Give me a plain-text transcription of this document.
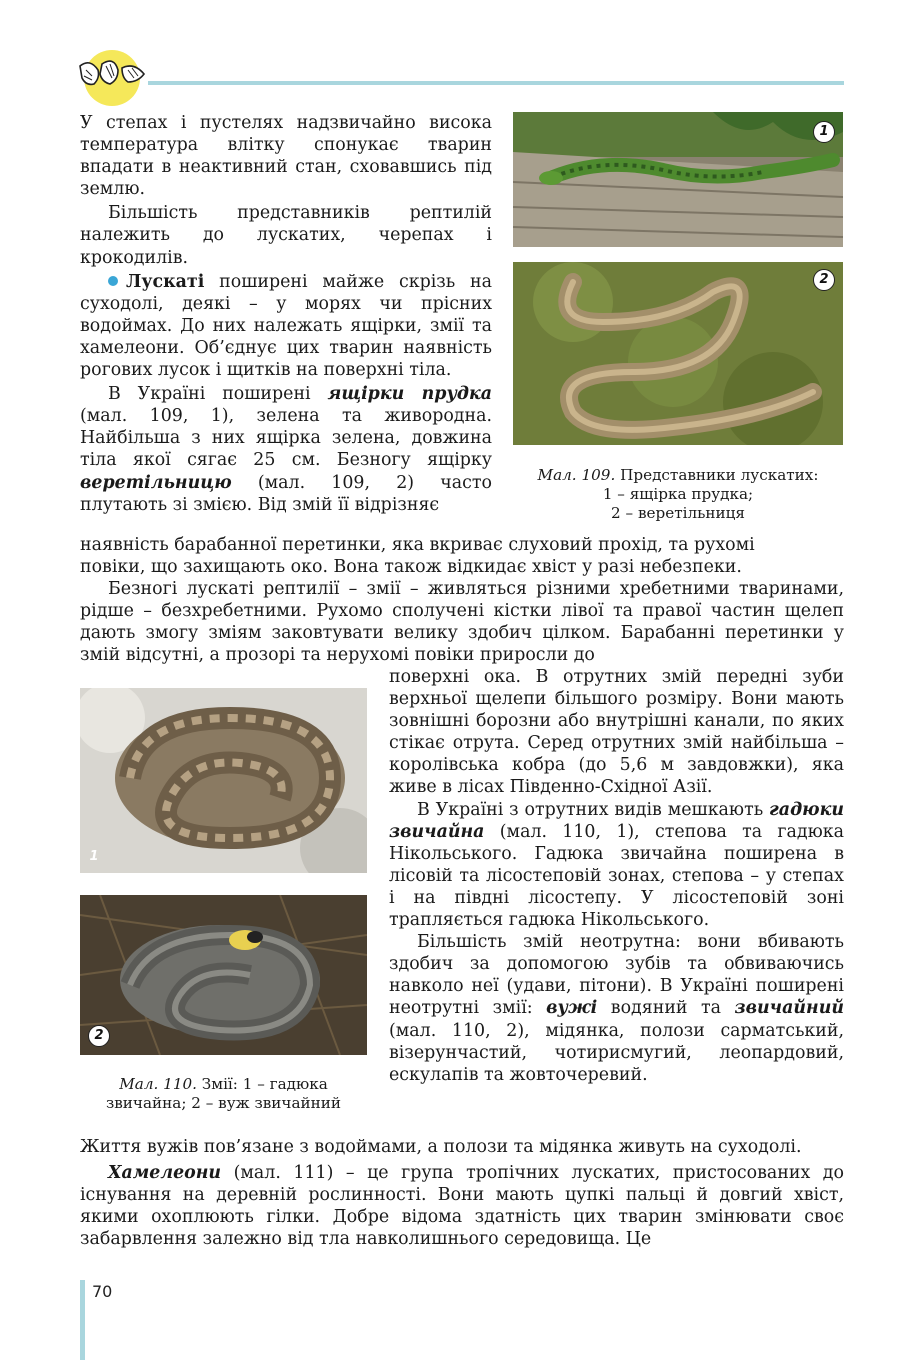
У степах і пустелях надзвичайно висока температура влітку спонукає тварин впадати в неактивний стан, сховавшись під землю.

Більшість представників рептилій належить до лускатих, черепах і крокодилів.

Лускаті поширені майже скрізь на суходолі, деякі – у морях чи прісних водоймах. До них належать ящірки, змії та хамелеони. Об’єднує цих тварин наявність рогових лусок і щитків на поверхні тіла.

В Україні поширені ящірки прудка (мал. 109, 1), зелена та живородна. Найбільша з них ящірка зелена, довжина тіла якої сягає 25 см. Безногу ящірку веретільницю (мал. 109, 2) часто плутають зі змією. Від змій її відрізняє

1
2
Мал. 109. Представники лускатих:
1 – ящірка прудка;
2 – веретільниця

наявність барабанної перетинки, яка вкриває слуховий прохід, та рухомі

повіки, що захищають око. Вона також відкидає хвіст у разі небезпеки.

Безногі лускаті рептилії – змії – живляться різними хребетними тваринами, рідше – безхребетними. Рухомо сполучені кістки лівої та правої частин щелеп дають змогу зміям заковтувати велику здобич цілком. Барабанні перетинки у змій відсутні, а прозорі та нерухомі повіки приросли до

1
2
Мал. 110. Змії: 1 – гадюка
звичайна; 2 – вуж звичайний

поверхні ока. В отрутних змій передні зуби верхньої щелепи більшого розміру. Вони мають зовнішні борозни або внутрішні канали, по яких стікає отрута. Серед отрутних змій найбільша – королівська кобра (до 5,6 м завдовжки), яка живе в лісах Південно-Східної Азії.

В Україні з отрутних видів мешкають гадюки звичайна (мал. 110, 1), степова та гадюка Нікольського. Гадюка звичайна поширена в лісовій та лісостеповій зонах, степова – у степах і на півдні лісостепу. У лісостеповій зоні трапляється гадюка Нікольського.

Більшість змій неотрутна: вони вбивають здобич за допомогою зубів та обвиваючись навколо неї (удави, пітони). В Україні поширені неотрутні змії: вужі водяний та звичайний (мал. 110, 2), мідянка, полози сарматський, візерунчастий, чотирисмугий, леопардовий, ескулапів та жовточеревий.

Життя вужів пов’язане з водоймами, а полози та мідянка живуть на суходолі.

Хамелеони (мал. 111) – це група тропічних лускатих, пристосованих до існування на деревній рослинності. Вони мають цупкі пальці й довгий хвіст, якими охоплюють гілки. Добре відома здатність цих тварин змінювати своє забарвлення залежно від тла навколишнього середовища. Це

70
